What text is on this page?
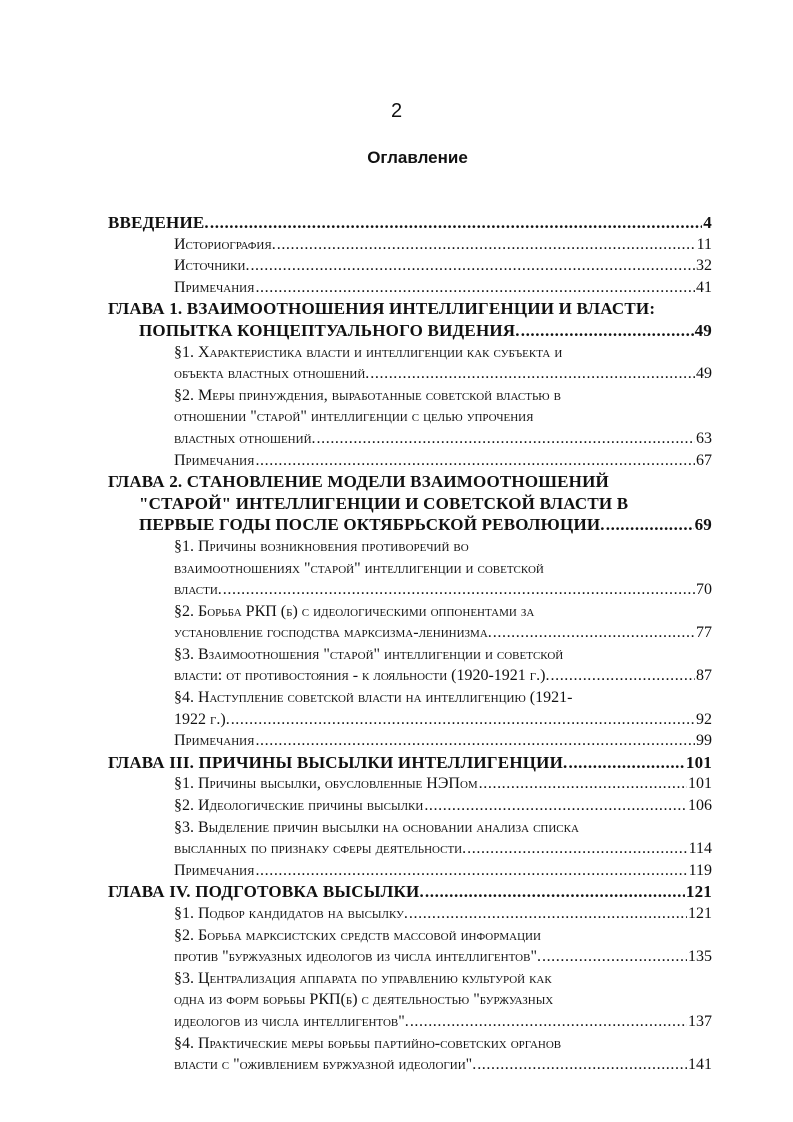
2
Оглавление
ВВЕДЕНИЕ. .....	4
Историография. .....	11
Источники. .....	32
Примечания .....	41
ГЛАВА 1. ВЗАИМООТНОШЕНИЯ ИНТЕЛЛИГЕНЦИИ И ВЛАСТИ:
ПОПЫТКА КОНЦЕПТУАЛЬНОГО ВИДЕНИЯ. .....	49
§1. Характеристика власти и интеллигенции как субъекта и
объекта властных отношений. .....	49
§2. Меры принуждения, выработанные советской властью в
отношении "старой" интеллигенции с целью упрочения
властных отношений. .....	63
Примечания .....	67
ГЛАВА 2. СТАНОВЛЕНИЕ МОДЕЛИ ВЗАИМООТНОШЕНИЙ
"СТАРОЙ" ИНТЕЛЛИГЕНЦИИ И СОВЕТСКОЙ ВЛАСТИ В
ПЕРВЫЕ ГОДЫ ПОСЛЕ ОКТЯБРЬСКОЙ РЕВОЛЮЦИИ. .....	69
§1. Причины возникновения противоречий во
взаимоотношениях "старой" интеллигенции и советской
власти. .....	70
§2. Борьба РКП (б) с идеологическими оппонентами за
установление господства марксизма-ленинизма. .....	77
§3. Взаимоотношения "старой" интеллигенции и советской
власти: от противостояния - к лояльности (1920-1921 г.). .....	87
§4. Наступление советской власти на интеллигенцию (1921-
1922 г.). .....	92
Примечания .....	99
ГЛАВА III. ПРИЧИНЫ ВЫСЫЛКИ ИНТЕЛЛИГЕНЦИИ. .....	101
§1. Причины высылки, обусловленные НЭПом .....	101
§2. Идеологические причины высылки .....	106
§3. Выделение причин высылки на основании анализа списка
высланных по признаку сферы деятельности. .....	114
Примечания .....	119
ГЛАВА IV. ПОДГОТОВКА ВЫСЫЛКИ. .....	121
§1. Подбор кандидатов на высылку. .....	121
§2. Борьба марксистских средств массовой информации
против "буржуазных идеологов из числа интеллигентов". .....	135
§3. Централизация аппарата по управлению культурой как
одна из форм борьбы РКП(б) с деятельностью "буржуазных
идеологов из числа интеллигентов". .....	137
§4. Практические меры борьбы партийно-советских органов
власти с "оживлением буржуазной идеологии". .....	141
